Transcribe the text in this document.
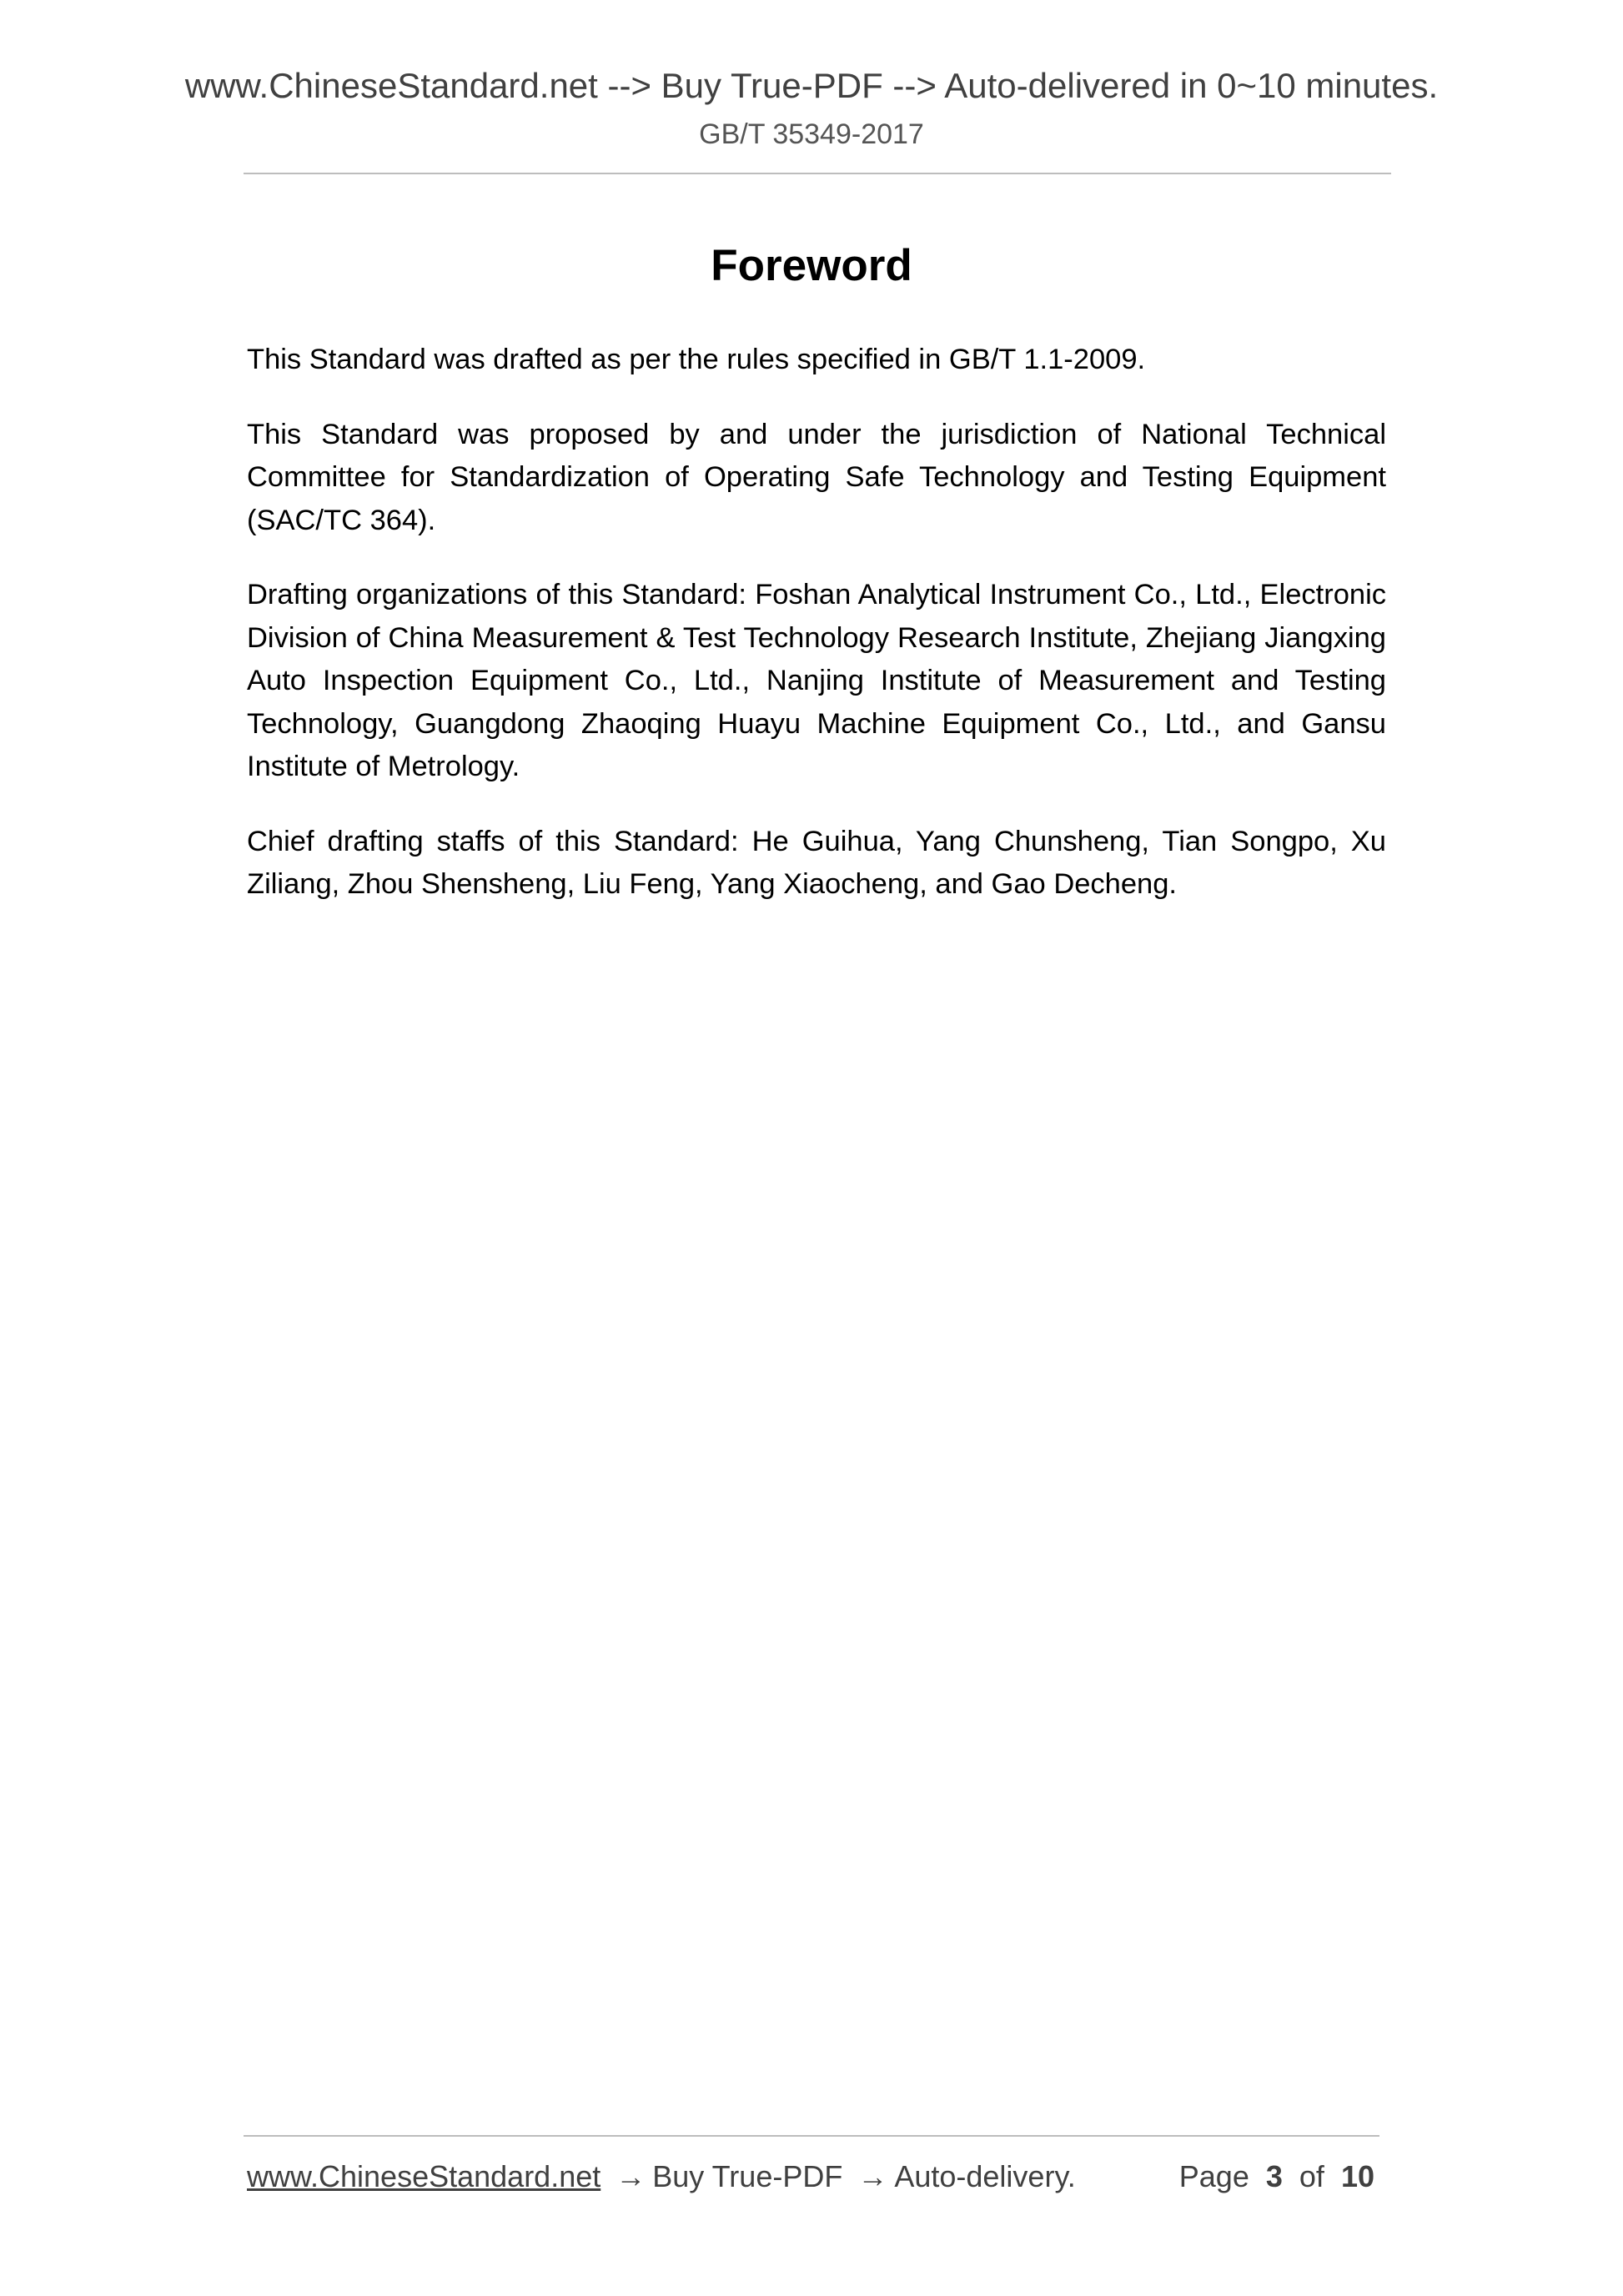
www.ChineseStandard.net --> Buy True-PDF --> Auto-delivered in 0~10 minutes.
GB/T 35349-2017
Foreword

This Standard was drafted as per the rules specified in GB/T 1.1-2009.

This Standard was proposed by and under the jurisdiction of National Technical Committee for Standardization of Operating Safe Technology and Testing Equipment (SAC/TC 364).

Drafting organizations of this Standard: Foshan Analytical Instrument Co., Ltd., Electronic Division of China Measurement & Test Technology Research Institute, Zhejiang Jiangxing Auto Inspection Equipment Co., Ltd., Nanjing Institute of Measurement and Testing Technology, Guangdong Zhaoqing Huayu Machine Equipment Co., Ltd., and Gansu Institute of Metrology.

Chief drafting staffs of this Standard: He Guihua, Yang Chunsheng, Tian Songpo, Xu Ziliang, Zhou Shensheng, Liu Feng, Yang Xiaocheng, and Gao Decheng.

www.ChineseStandard.net → Buy True-PDF → Auto-delivery.	Page 3 of 10
